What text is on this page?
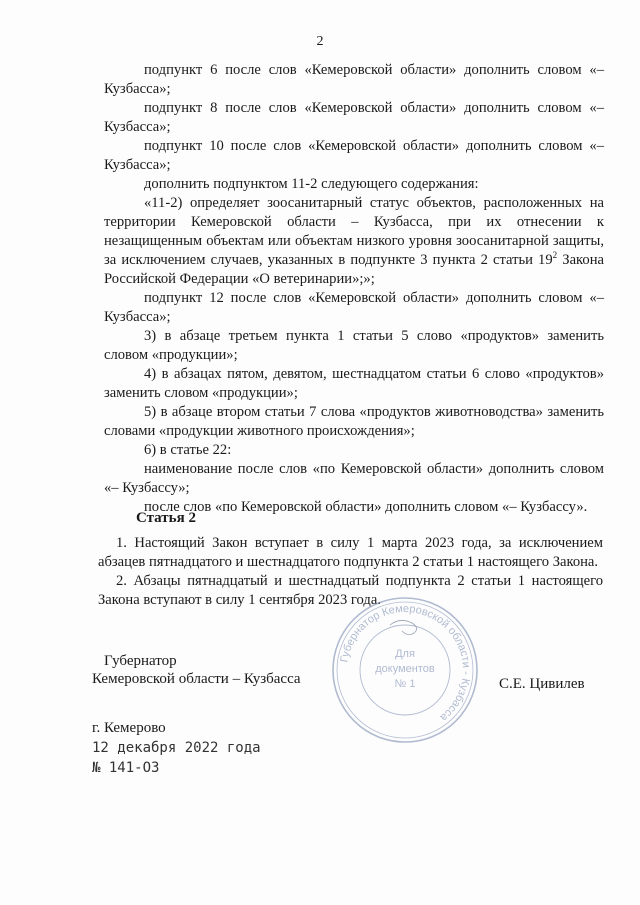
2

подпункт 6 после слов «Кемеровской области» дополнить словом «– Кузбасса»;

подпункт 8 после слов «Кемеровской области» дополнить словом «– Кузбасса»;

подпункт 10 после слов «Кемеровской области» дополнить словом «– Кузбасса»;

дополнить подпунктом 11-2 следующего содержания:

«11-2) определяет зоосанитарный статус объектов, расположенных на территории Кемеровской области – Кузбасса, при их отнесении к незащищенным объектам или объектам низкого уровня зоосанитарной защиты, за исключением случаев, указанных в подпункте 3 пункта 2 статьи $19^2$ Закона Российской Федерации «О ветеринарии»;»;

подпункт 12 после слов «Кемеровской области» дополнить словом «– Кузбасса»;

3) в абзаце третьем пункта 1 статьи 5 слово «продуктов» заменить словом «продукции»;

4) в абзацах пятом, девятом, шестнадцатом статьи 6 слово «продуктов» заменить словом «продукции»;

5) в абзаце втором статьи 7 слова «продуктов животноводства» заменить словами «продукции животного происхождения»;

6) в статье 22:

наименование после слов «по Кемеровской области» дополнить словом «– Кузбассу»;

после слов «по Кемеровской области» дополнить словом «– Кузбассу».

Статья 2

1. Настоящий Закон вступает в силу 1 марта 2023 года, за исключением абзацев пятнадцатого и шестнадцатого подпункта 2 статьи 1 настоящего Закона.

2. Абзацы пятнадцатый и шестнадцатый подпункта 2 статьи 1 настоящего Закона вступают в силу 1 сентября 2023 года.

Губернатор Кемеровской области - Кузбасса
Для
документов
№ 1
Губернатор
Кемеровской области – Кузбасса	С.Е. Цивилев
г. Кемерово
12 декабря 2022 года
№ 141-ОЗ
